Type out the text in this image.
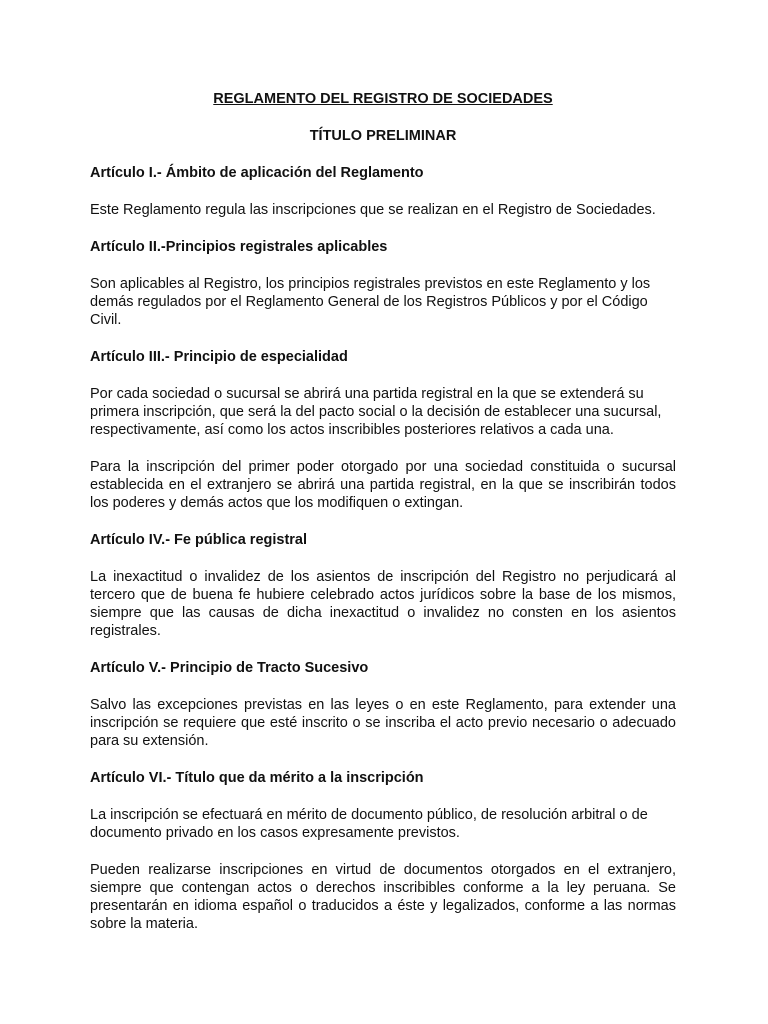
REGLAMENTO DEL REGISTRO DE SOCIEDADES
TÍTULO PRELIMINAR
Artículo I.- Ámbito de aplicación del Reglamento
Este Reglamento regula las inscripciones que se realizan en el Registro de Sociedades.
Artículo II.-Principios registrales aplicables
Son aplicables al Registro, los principios registrales previstos en este Reglamento y los demás regulados por el Reglamento General de los Registros Públicos y por el Código Civil.
Artículo III.- Principio de especialidad
Por cada sociedad o sucursal se abrirá una partida registral en la que se extenderá su primera inscripción, que será la del pacto social o la decisión de establecer una sucursal, respectivamente, así como los actos inscribibles posteriores relativos a cada una.
Para la inscripción del primer poder otorgado por una sociedad constituida o sucursal establecida en el extranjero se abrirá una partida registral, en la que se inscribirán todos los poderes y demás actos que los modifiquen o extingan.
Artículo IV.- Fe pública registral
La inexactitud o invalidez de los asientos de inscripción del Registro no perjudicará al tercero que de buena fe hubiere celebrado actos jurídicos sobre la base de los mismos, siempre que las causas de dicha inexactitud o invalidez no consten en los asientos registrales.
Artículo V.- Principio de Tracto Sucesivo
Salvo las excepciones previstas en las leyes o en este Reglamento, para extender una inscripción se requiere que esté inscrito o se inscriba el acto previo necesario o adecuado para su extensión.
Artículo VI.- Título que da mérito a la inscripción
La inscripción se efectuará en mérito de documento público, de resolución arbitral o de documento privado en los casos expresamente previstos.
Pueden realizarse inscripciones en virtud de documentos otorgados en el extranjero, siempre que contengan actos o derechos inscribibles conforme a la ley peruana. Se presentarán en idioma español o traducidos a éste y legalizados, conforme a las normas sobre la materia.
